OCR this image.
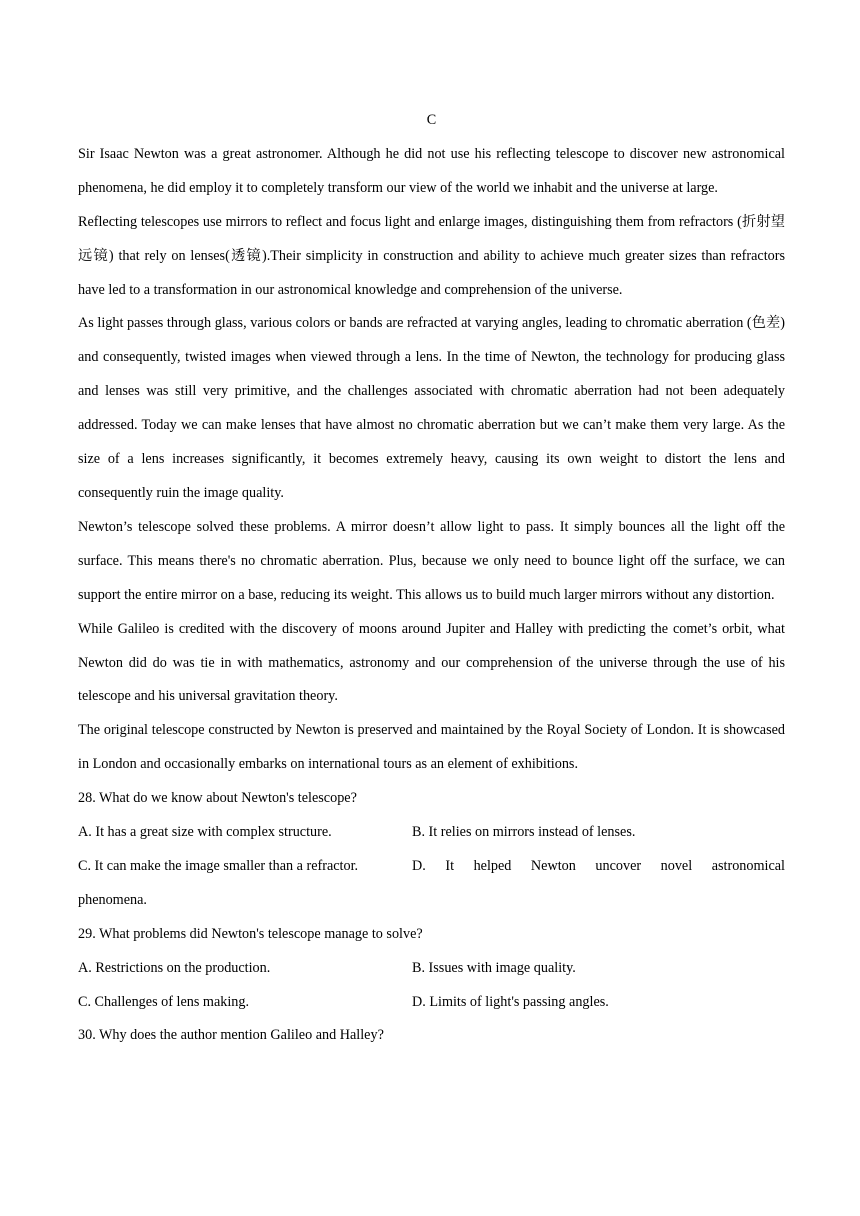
C

Sir Isaac Newton was a great astronomer. Although he did not use his reflecting telescope to discover new astronomical phenomena, he did employ it to completely transform our view of the world we inhabit and the universe at large.

Reflecting telescopes use mirrors to reflect and focus light and enlarge images, distinguishing them from refractors (折射望远镜) that rely on lenses(透镜).Their simplicity in construction and ability to achieve much greater sizes than refractors have led to a transformation in our astronomical knowledge and comprehension of the universe.

As light passes through glass, various colors or bands are refracted at varying angles, leading to chromatic aberration (色差) and consequently, twisted images when viewed through a lens. In the time of Newton, the technology for producing glass and lenses was still very primitive, and the challenges associated with chromatic aberration had not been adequately addressed. Today we can make lenses that have almost no chromatic aberration but we can’t make them very large. As the size of a lens increases significantly, it becomes extremely heavy, causing its own weight to distort the lens and consequently ruin the image quality.

Newton’s telescope solved these problems. A mirror doesn’t allow light to pass. It simply bounces all the light off the surface. This means there's no chromatic aberration. Plus, because we only need to bounce light off the surface, we can support the entire mirror on a base, reducing its weight. This allows us to build much larger mirrors without any distortion.

While Galileo is credited with the discovery of moons around Jupiter and Halley with predicting the comet’s orbit, what Newton did do was tie in with mathematics, astronomy and our comprehension of the universe through the use of his telescope and his universal gravitation theory.

The original telescope constructed by Newton is preserved and maintained by the Royal Society of London. It is showcased in London and occasionally embarks on international tours as an element of exhibitions.

28. What do we know about Newton's telescope?

A. It has a great size with complex structure.	B. It relies on mirrors instead of lenses.
C. It can make the image smaller than a refractor.	D. It helped Newton uncover novel astronomical

phenomena.

29. What problems did Newton's telescope manage to solve?

A. Restrictions on the production.	B. Issues with image quality.
C. Challenges of lens making.	D. Limits of light's passing angles.

30. Why does the author mention Galileo and Halley?
